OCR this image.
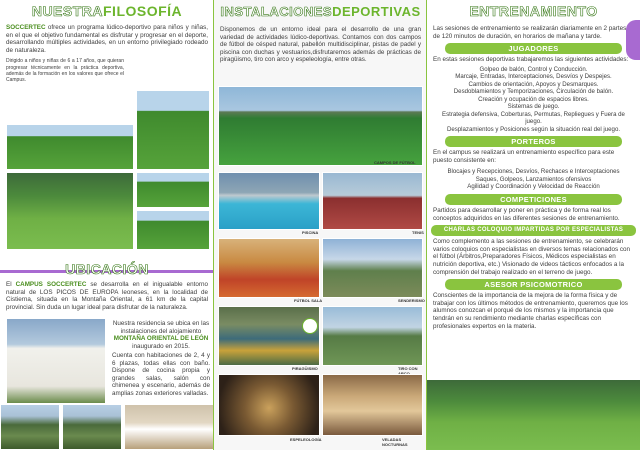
NUESTRA FILOSOFÍA

SOCCERTEC ofrece un programa lúdico-deportivo para niños y niñas, en el que el objetivo fundamental es disfrutar y progresar en el deporte, desarrollando múltiples actividades, en un entorno privilegiado rodeado de naturaleza.

Dirigido a niños y niñas de 6 a 17 años, que quieran progresar técnicamente en la práctica deportiva, además de la formación en los valores que ofrece el Campus.

UBICACIÓN

El CAMPUS SOCCERTEC se desarrolla en el inigualable entorno natural de LOS PICOS DE EUROPA leoneses, en la localidad de Cistierna, situada en la Montaña Oriental, a 61 km de la capital provincial. Sin duda un lugar ideal para disfrutar de la naturaleza.

Nuestra residencia se ubica en las instalaciones del alojamiento
MONTAÑA ORIENTAL DE LEÓN
inaugurado en 2015.

Cuenta con habitaciones de 2, 4 y 6 plazas, todas ellas con baño. Dispone de cocina propia y grandes salas, salón con chimenea y escenario, además de amplias zonas exteriores valladas.

INSTALACIONES DEPORTIVAS

Disponemos de un entorno ideal para el desarrollo de una gran variedad de actividades lúdico-deportivas. Contamos con dos campos de fútbol de césped natural, pabellón multidisciplinar, pistas de padel y piscina con duchas y vestuarios,disfrutaremos además de prácticas de piragüismo, tiro con arco y espeleología, entre otras.

CAMPOS DE FÚTBOL
PISCINA	TENIS
FÚTBOL SALA	SENDERISMO
PIRAGÜISMO	TIRO CON
ESPELEOLOGÍA	VELADAS NOCTURNAS
ENTRENAMIENTO

Las sesiones de entrenamiento se realizarán diariamente en 2 partes de 120 minutos de duración, en horarios de mañana y tarde.

JUGADORES

En estas sesiones deportivas trabajaremos las siguientes actividades:

Golpeo de balón, Control y Conducción.
Marcaje, Entradas, Interceptaciones, Desvíos y Despejes.
Cambios de orientación, Apoyos y Desmarques.
Desdoblamientos y Temporizaciones, Circulación de balón.
Creación y ocupación de espacios libres.
Sistemas de juego.
Estrategia defensiva, Coberturas, Permutas, Repliegues y Fuera de juego.
Desplazamientos y Posiciones según la situación real del juego.
PORTEROS

En el campus se realizará un entrenamiento específico para este puesto consistente en:

Blocajes y Recepciones, Desvíos, Rechaces e Interceptaciones
Saques, Golpeos, Lanzamientos ofensivos
Agilidad y Coordinación y Velocidad de Reacción
COMPETICIONES

Partidos para desarrollar y poner en práctica y de forma real los conceptos adquiridos en las diferentes sesiones de entrenamiento.

CHARLAS COLOQUIO IMPARTIDAS POR ESPECIALISTAS

Como complemento a las sesiones de entrenamiento, se celebrarán varios coloquios con especialistas en diversos temas relacionados con el fútbol (Árbitros,Preparadores Físicos, Médicos especialistas en nutrición deportiva, etc.) Visionado de videos tácticos enfocados a la comprensión del trabajo realizado en el terreno de juego.

ASESOR PSICOMOTRICO

Conscientes de la importancia de la mejora de la forma física y de trabajar con los últimos métodos de entrenamiento, queremos que los alumnos conozcan el porqué de los mismos y la importancia que tendrán en su rendimiento mediante charlas específicas con profesionales expertos en la materia.
